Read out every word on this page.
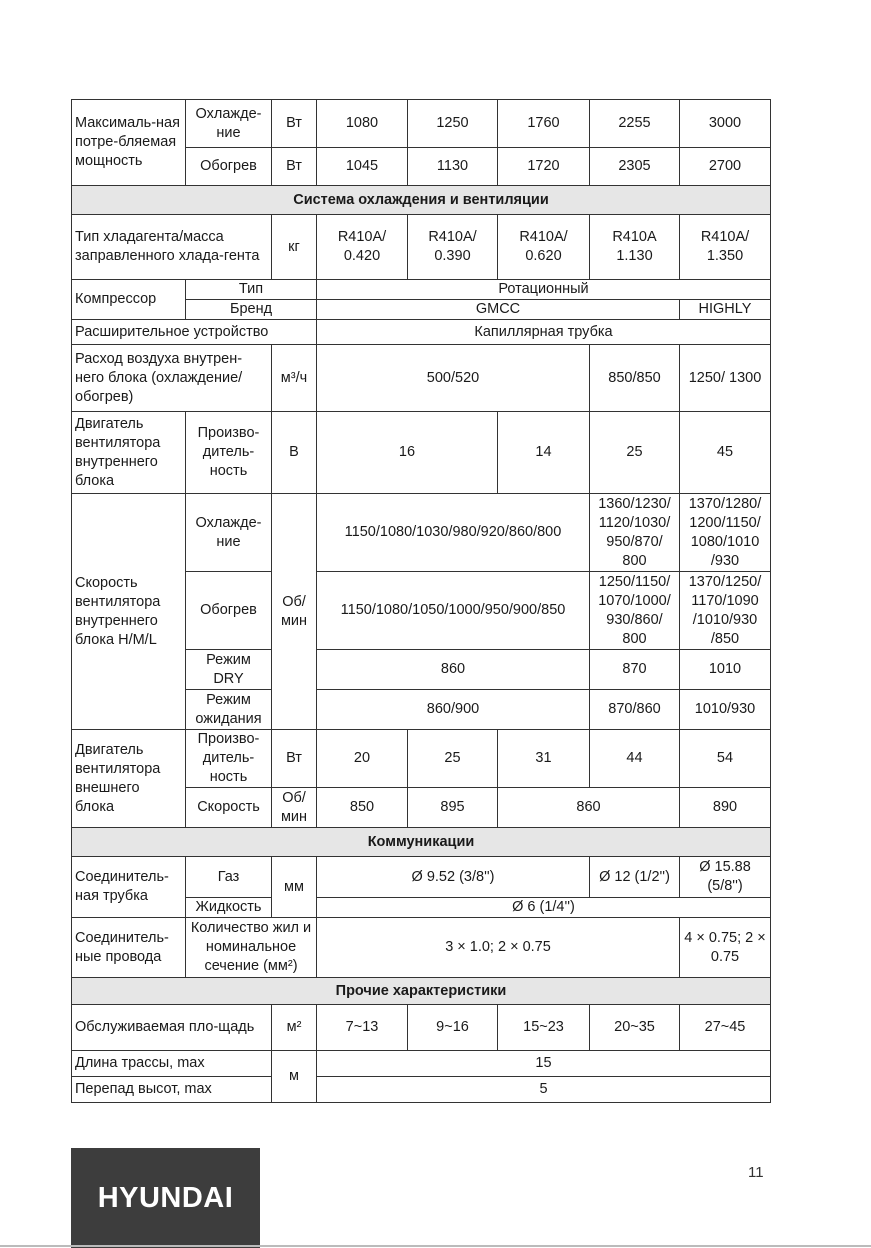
Максималь-ная потре-бляемая мощность	Охлажде-ние	Вт	1080	1250	1760	2255	3000
	Обогрев	Вт	1045	1130	1720	2305	2700
Система охлаждения и вентиляции							
Тип хладагента/масса заправленного хлада-гента		кг	R410A/ 0.420	R410A/ 0.390	R410A/ 0.620	R410A 1.130	R410A/ 1.350
Компрессор	Тип		Ротационный				
	Бренд		GMCC				HIGHLY
Расширительное устройство			Капиллярная трубка				
Расход воздуха внутрен-него блока (охлаждение/ обогрев)		м³/ч	500/520			850/850	1250/ 1300
Двигатель вентилятора внутреннего блока	Произво-дитель-ность	В	16		14	25	45
Скорость вентилятора внутреннего блока H/M/L	Охлажде-ние	Об/ мин	1150/1080/1030/980/920/860/800			1360/1230/ 1120/1030/ 950/870/ 800	1370/1280/ 1200/1150/ 1080/1010 /930
	Обогрев		1150/1080/1050/1000/950/900/850			1250/1150/ 1070/1000/ 930/860/ 800	1370/1250/ 1170/1090 /1010/930 /850
	Режим DRY		860			870	1010
	Режим ожидания		860/900			870/860	1010/930
Двигатель вентилятора внешнего блока	Произво-дитель-ность	Вт	20	25	31	44	54
	Скорость	Об/ мин	850	895	860		890
Коммуникации							
Соединитель-ная трубка	Газ	мм	Ø 9.52 (3/8'')			Ø 12 (1/2'')	Ø 15.88 (5/8'')
	Жидкость		Ø 6 (1/4'')				
Соединитель-ные провода	Количество жил и номинальное сечение (мм²)		3 × 1.0; 2 × 0.75				4 × 0.75; 2 × 0.75
Прочие характеристики							
Обслуживаемая пло-щадь		м²	7~13	9~16	15~23	20~35	27~45
Длина трассы, max		м	15				
Перепад высот, max			5				
HYUNDAI
11
